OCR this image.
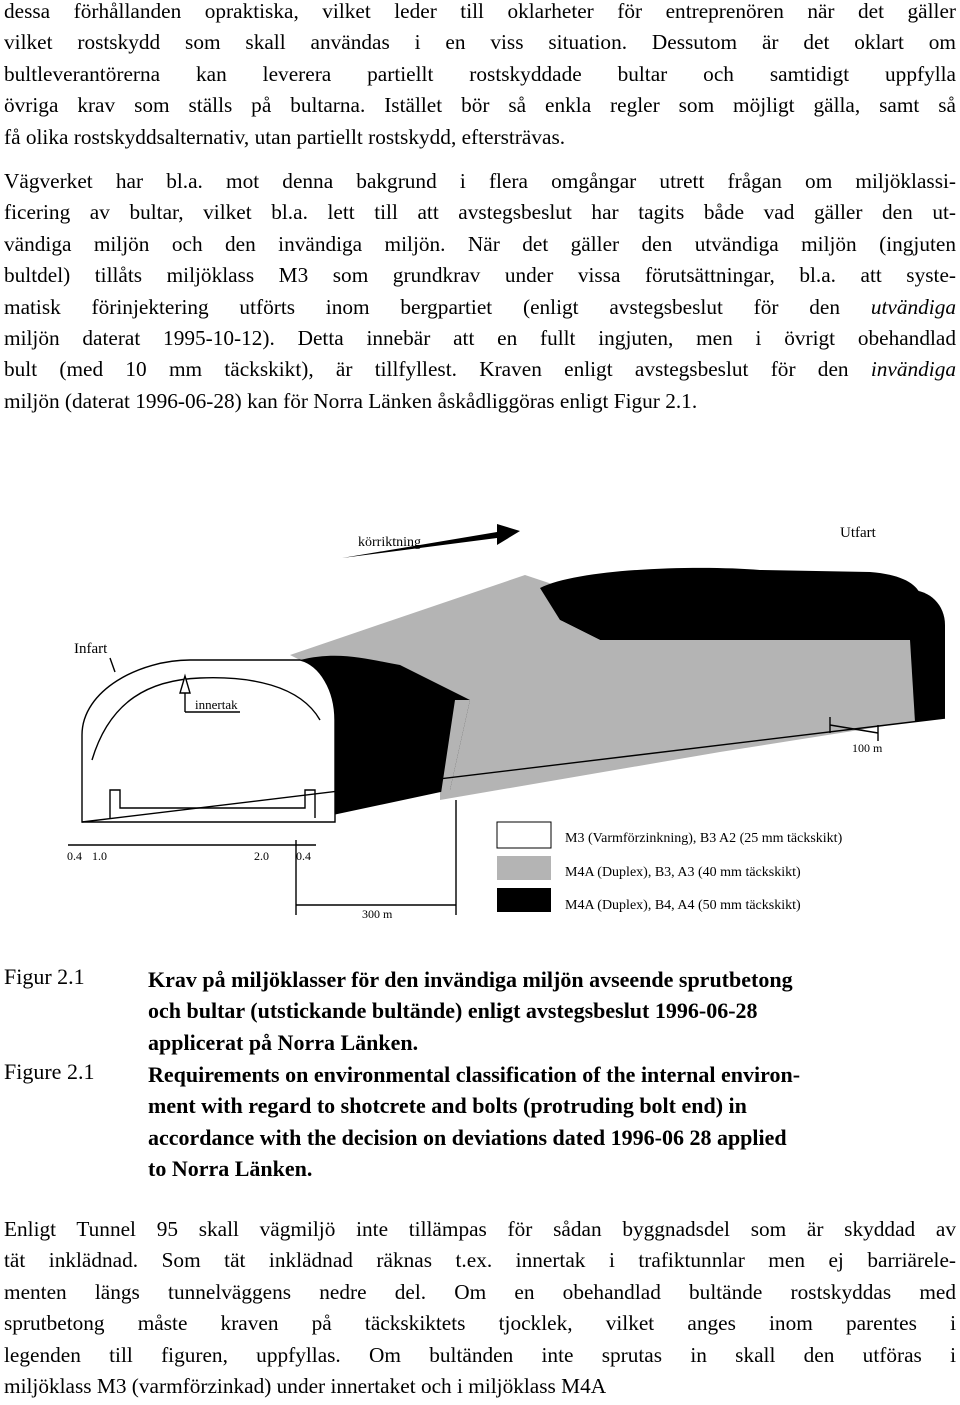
dessa förhållanden opraktiska, vilket leder till oklarheter för entreprenören när det gäller
vilket rostskydd som skall användas i en viss situation. Dessutom är det oklart om
bultleverantörerna kan leverera partiellt rostskyddade bultar och samtidigt uppfylla
övriga krav som ställs på bultarna. Istället bör så enkla regler som möjligt gälla, samt så
få olika rostskyddsalternativ, utan partiellt rostskydd, eftersträvas.
Vägverket har bl.a. mot denna bakgrund i flera omgångar utrett frågan om miljöklassi-
ficering av bultar, vilket bl.a. lett till att avstegsbeslut har tagits både vad gäller den ut-
vändiga miljön och den invändiga miljön. När det gäller den utvändiga miljön (ingjuten
bultdel) tillåts miljöklass M3 som grundkrav under vissa förutsättningar, bl.a. att syste-
matisk förinjektering utförts inom bergpartiet (enligt avstegsbeslut för den utvändiga
miljön daterat 1995-10-12). Detta innebär att en fullt ingjuten, men i övrigt obehandlad
bult (med 10 mm täckskikt), är tillfyllest. Kraven enligt avstegsbeslut för den invändiga
miljön (daterat 1996-06-28) kan för Norra Länken åskådliggöras enligt Figur 2.1.
körriktning
Utfart
Infart
innertak
100 m
0.4 1.0	2.0 0.4
300 m
M3 (Varmförzinkning), B3 A2 (25 mm täckskikt)
M4A (Duplex), B3, A3 (40 mm täckskikt)
M4A (Duplex), B4, A4 (50 mm täckskikt)
Figur 2.1	Krav på miljöklasser för den invändiga miljön avseende sprutbetong
och bultar (utstickande bultände) enligt avstegsbeslut 1996-06-28
applicerat på Norra Länken.
Figure 2.1 Requirements on environmental classification of the internal environ-
ment with regard to shotcrete and bolts (protruding bolt end) in
accordance with the decision on deviations dated 1996-06 28 applied
to Norra Länken.
Enligt Tunnel 95 skall vägmiljö inte tillämpas för sådan byggnadsdel som är skyddad av
tät inklädnad. Som tät inklädnad räknas t.ex. innertak i trafiktunnlar men ej barriärele-
menten längs tunnelväggens nedre del. Om en obehandlad bultände rostskyddas med
sprutbetong måste kraven på täckskiktets tjocklek, vilket anges inom parentes i
legenden till figuren, uppfyllas. Om bultänden inte sprutas in skall den utföras i
miljöklass M3 (varmförzinkad) under innertaket och i miljöklass M4A
